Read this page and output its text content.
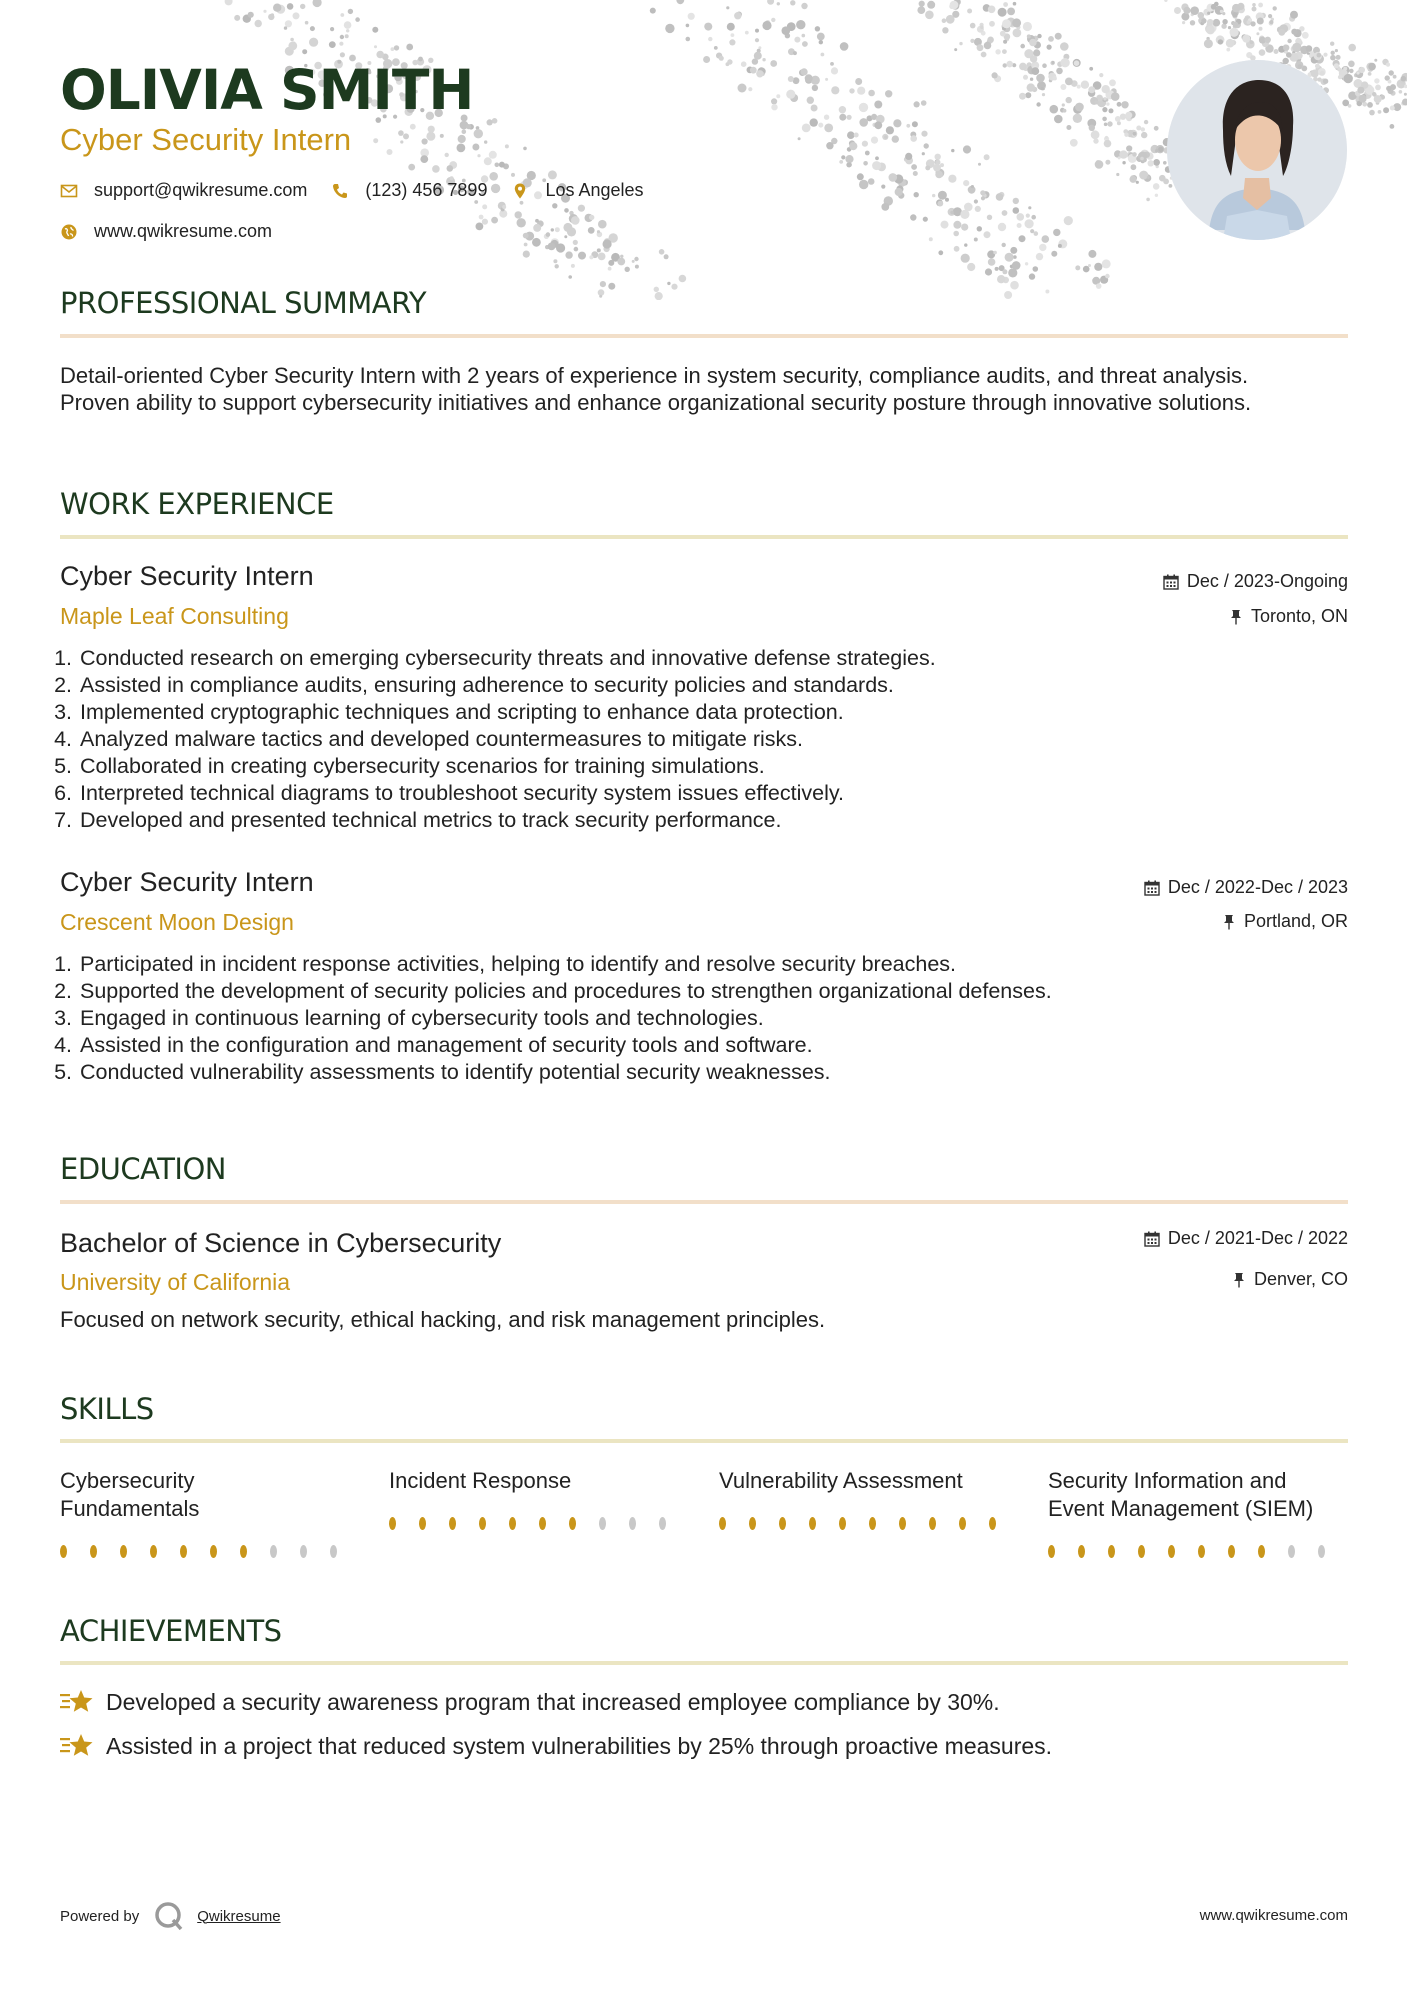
OLIVIA SMITH
Cyber Security Intern
support@qwikresume.com	(123) 456 7899	Los Angeles
www.qwikresume.com
PROFESSIONAL SUMMARY

Detail-oriented Cyber Security Intern with 2 years of experience in system security, compliance audits, and threat analysis. Proven ability to support cybersecurity initiatives and enhance organizational security posture through innovative solutions.

WORK EXPERIENCE
Cyber Security Intern
Maple Leaf Consulting
Dec / 2023-Ongoing
Toronto, ON
1. Conducted research on emerging cybersecurity threats and innovative defense strategies.
2. Assisted in compliance audits, ensuring adherence to security policies and standards.
3. Implemented cryptographic techniques and scripting to enhance data protection.
4. Analyzed malware tactics and developed countermeasures to mitigate risks.
5. Collaborated in creating cybersecurity scenarios for training simulations.
6. Interpreted technical diagrams to troubleshoot security system issues effectively.
7. Developed and presented technical metrics to track security performance.
Cyber Security Intern
Crescent Moon Design
Dec / 2022-Dec / 2023
Portland, OR
1. Participated in incident response activities, helping to identify and resolve security breaches.
2. Supported the development of security policies and procedures to strengthen organizational defenses.
3. Engaged in continuous learning of cybersecurity tools and technologies.
4. Assisted in the configuration and management of security tools and software.
5. Conducted vulnerability assessments to identify potential security weaknesses.
EDUCATION
Bachelor of Science in Cybersecurity
University of California
Dec / 2021-Dec / 2022
Denver, CO

Focused on network security, ethical hacking, and risk management principles.

SKILLS
Cybersecurity Fundamentals
Incident Response	Vulnerability Assessment	Security Information and Event Management (SIEM)
ACHIEVEMENTS
Developed a security awareness program that increased employee compliance by 30%.
Assisted in a project that reduced system vulnerabilities by 25% through proactive measures.
Powered by	Qwikresume	www.qwikresume.com
